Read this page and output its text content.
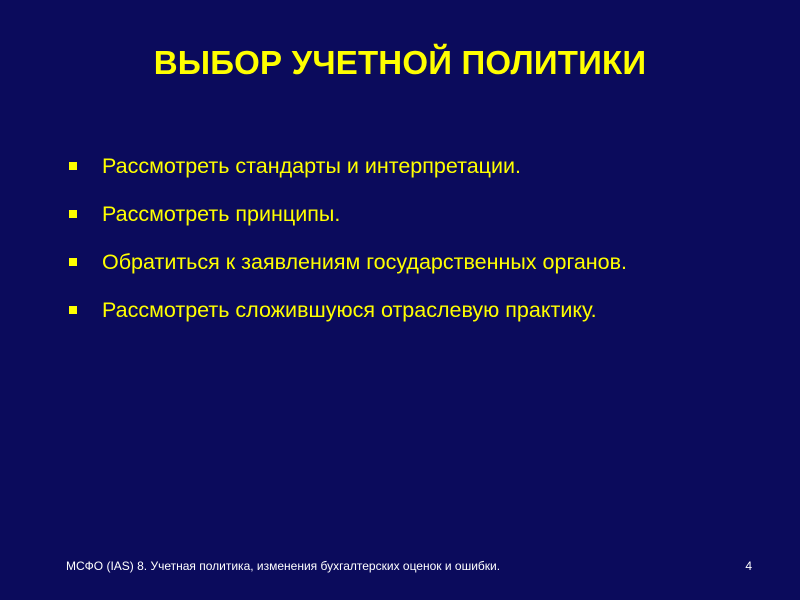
ВЫБОР УЧЕТНОЙ ПОЛИТИКИ
Рассмотреть стандарты и интерпретации.
Рассмотреть принципы.
Обратиться к заявлениям государственных органов.
Рассмотреть сложившуюся отраслевую практику.
МСФО (IAS) 8. Учетная политика, изменения бухгалтерских оценок и ошибки.	4
